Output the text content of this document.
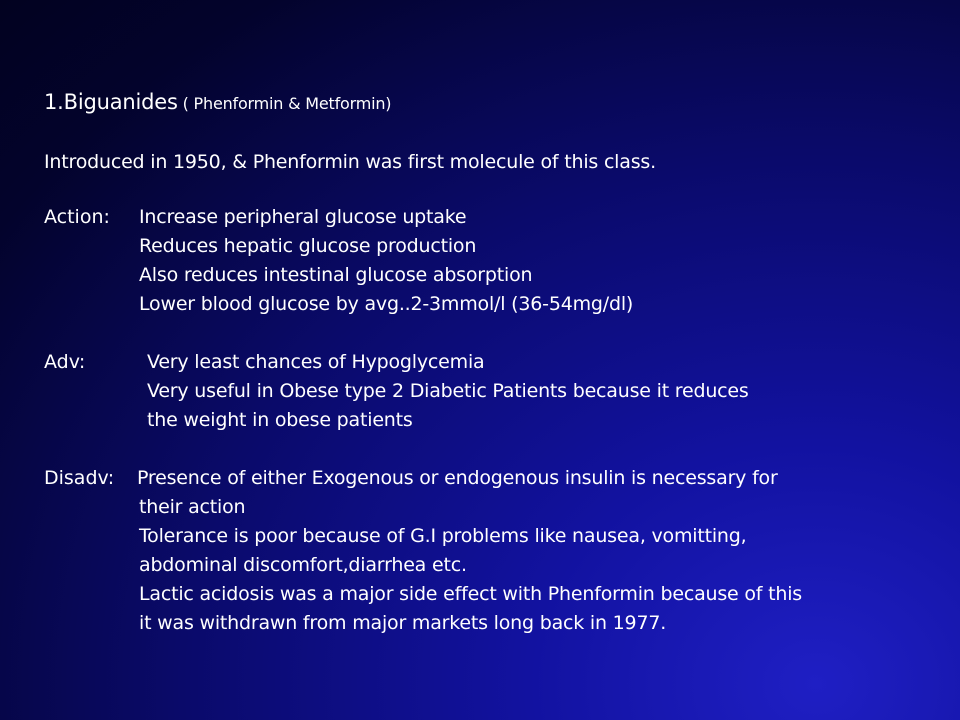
1.Biguanides ( Phenformin & Metformin)
Introduced in 1950, & Phenformin was first molecule of this class.
Action: Increase peripheral glucose uptake
Reduces hepatic glucose production
Also reduces intestinal glucose absorption
Lower blood glucose by avg..2-3mmol/l (36-54mg/dl)
Adv:	Very least chances of Hypoglycemia
Very useful in Obese type 2 Diabetic Patients because it reduces
the weight in obese patients
Disadv: Presence of either Exogenous or endogenous insulin is necessary for
their action
Tolerance is poor because of G.I problems like nausea, vomitting,
abdominal discomfort,diarrhea etc.
Lactic acidosis was a major side effect with Phenformin because of this
it was withdrawn from major markets long back in 1977.
